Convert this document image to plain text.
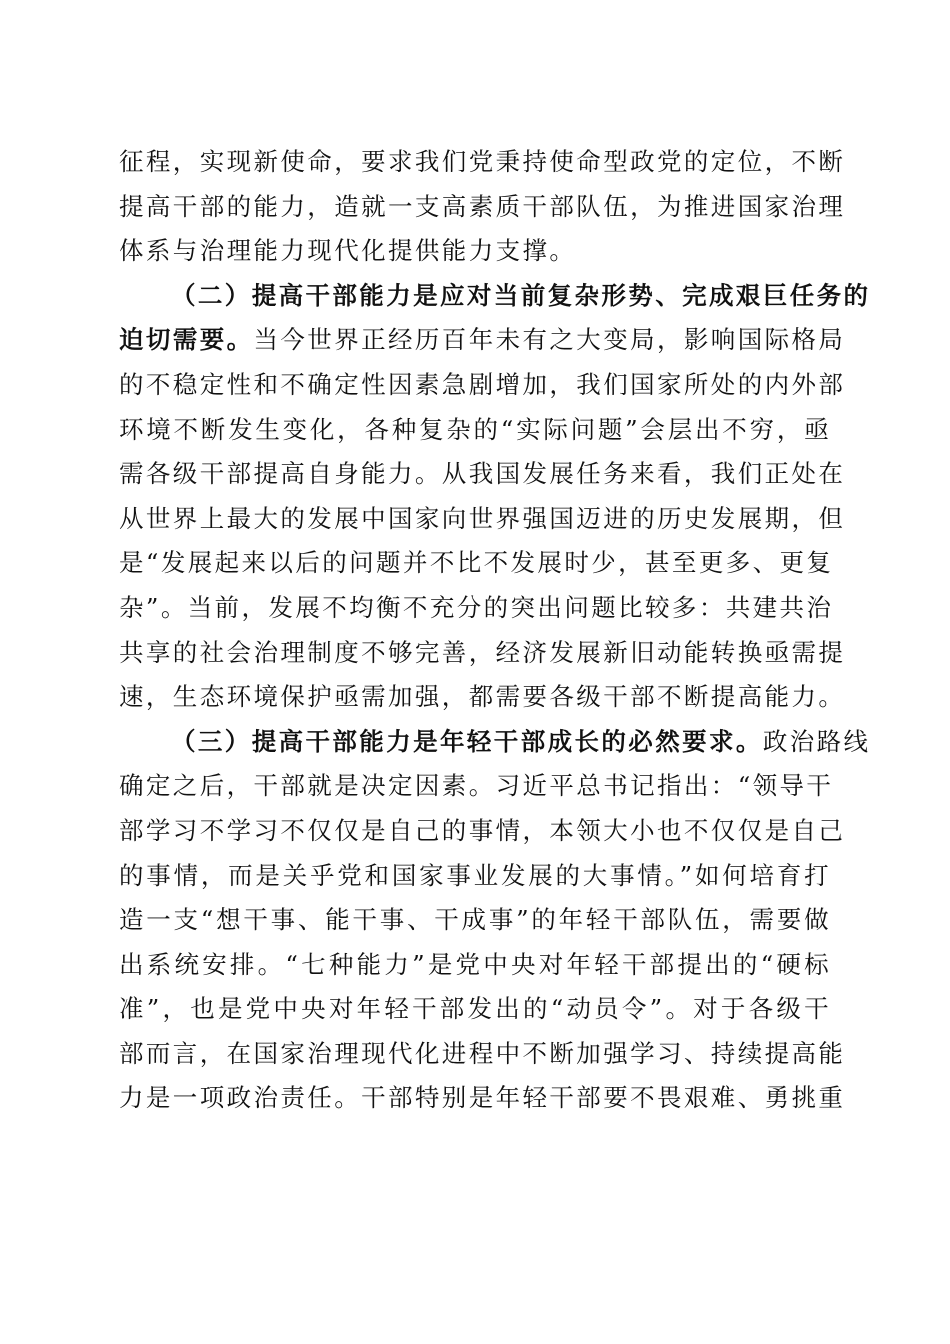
征程，实现新使命，要求我们党秉持使命型政党的定位，不断
提高干部的能力，造就一支高素质干部队伍，为推进国家治理
体系与治理能力现代化提供能力支撑。
（二）提高干部能力是应对当前复杂形势、完成艰巨任务的
迫切需要。当今世界正经历百年未有之大变局，影响国际格局
的不稳定性和不确定性因素急剧增加，我们国家所处的内外部
环境不断发生变化，各种复杂的“实际问题”会层出不穷，亟
需各级干部提高自身能力。从我国发展任务来看，我们正处在
从世界上最大的发展中国家向世界强国迈进的历史发展期，但
是“发展起来以后的问题并不比不发展时少，甚至更多、更复
杂”。当前，发展不均衡不充分的突出问题比较多：共建共治
共享的社会治理制度不够完善，经济发展新旧动能转换亟需提
速，生态环境保护亟需加强，都需要各级干部不断提高能力。
（三）提高干部能力是年轻干部成长的必然要求。政治路线
确定之后，干部就是决定因素。习近平总书记指出：“领导干
部学习不学习不仅仅是自己的事情，本领大小也不仅仅是自己
的事情，而是关乎党和国家事业发展的大事情。”如何培育打
造一支“想干事、能干事、干成事”的年轻干部队伍，需要做
出系统安排。“七种能力”是党中央对年轻干部提出的“硬标
准”，也是党中央对年轻干部发出的“动员令”。对于各级干
部而言，在国家治理现代化进程中不断加强学习、持续提高能
力是一项政治责任。干部特别是年轻干部要不畏艰难、勇挑重
